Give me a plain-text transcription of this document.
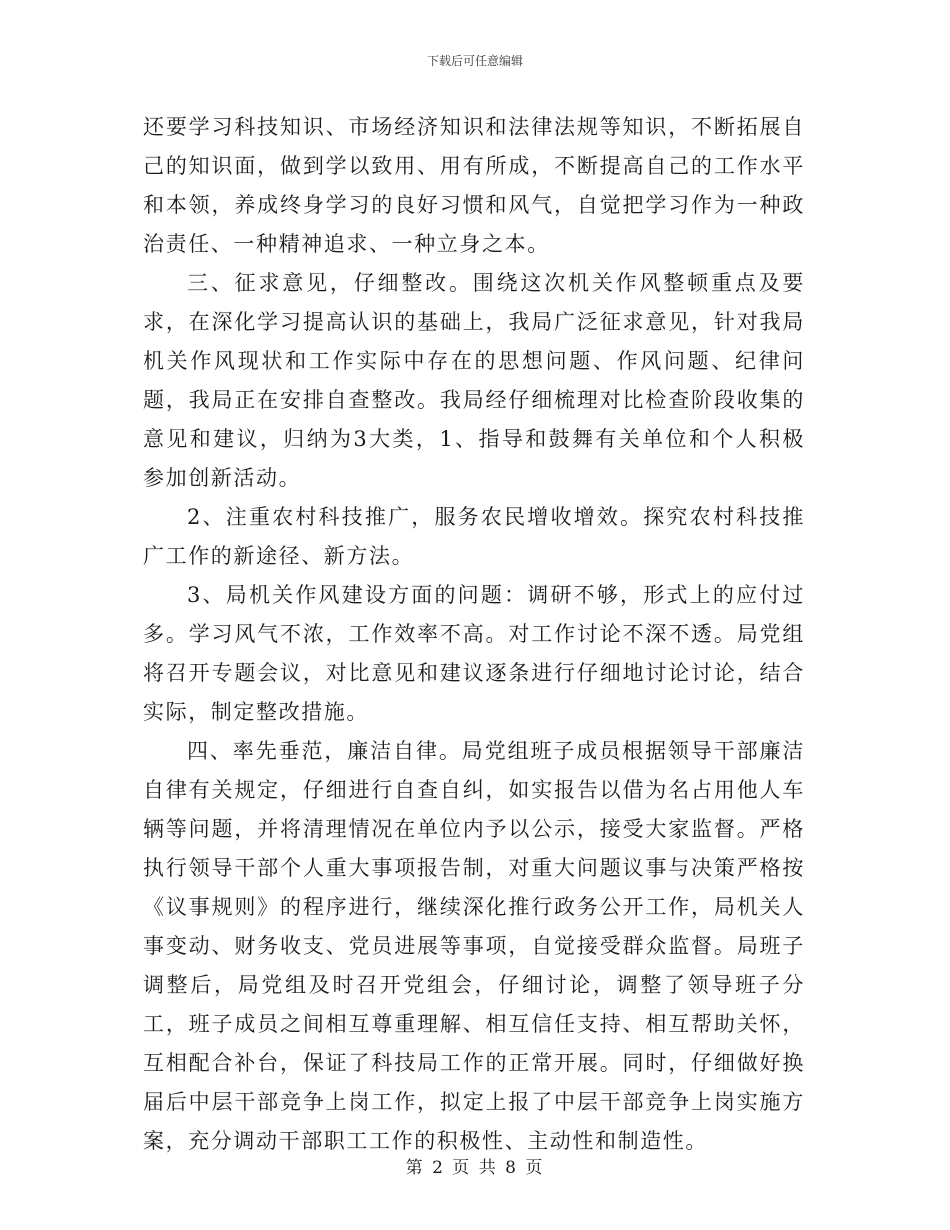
下载后可任意编辑

还要学习科技知识、市场经济知识和法律法规等知识，不断拓展自己的知识面，做到学以致用、用有所成，不断提高自己的工作水平和本领，养成终身学习的良好习惯和风气，自觉把学习作为一种政治责任、一种精神追求、一种立身之本。

三、征求意见，仔细整改。围绕这次机关作风整顿重点及要求，在深化学习提高认识的基础上，我局广泛征求意见，针对我局机关作风现状和工作实际中存在的思想问题、作风问题、纪律问题，我局正在安排自查整改。我局经仔细梳理对比检查阶段收集的意见和建议，归纳为3大类，1、指导和鼓舞有关单位和个人积极参加创新活动。

2、注重农村科技推广，服务农民增收增效。探究农村科技推广工作的新途径、新方法。

3、局机关作风建设方面的问题：调研不够，形式上的应付过多。学习风气不浓，工作效率不高。对工作讨论不深不透。局党组将召开专题会议，对比意见和建议逐条进行仔细地讨论讨论，结合实际，制定整改措施。

四、率先垂范，廉洁自律。局党组班子成员根据领导干部廉洁自律有关规定，仔细进行自查自纠，如实报告以借为名占用他人车辆等问题，并将清理情况在单位内予以公示，接受大家监督。严格执行领导干部个人重大事项报告制，对重大问题议事与决策严格按《议事规则》的程序进行，继续深化推行政务公开工作，局机关人事变动、财务收支、党员进展等事项，自觉接受群众监督。局班子调整后，局党组及时召开党组会，仔细讨论，调整了领导班子分工，班子成员之间相互尊重理解、相互信任支持、相互帮助关怀，互相配合补台，保证了科技局工作的正常开展。同时，仔细做好换届后中层干部竞争上岗工作，拟定上报了中层干部竞争上岗实施方案，充分调动干部职工工作的积极性、主动性和制造性。

第 2 页 共 8 页
